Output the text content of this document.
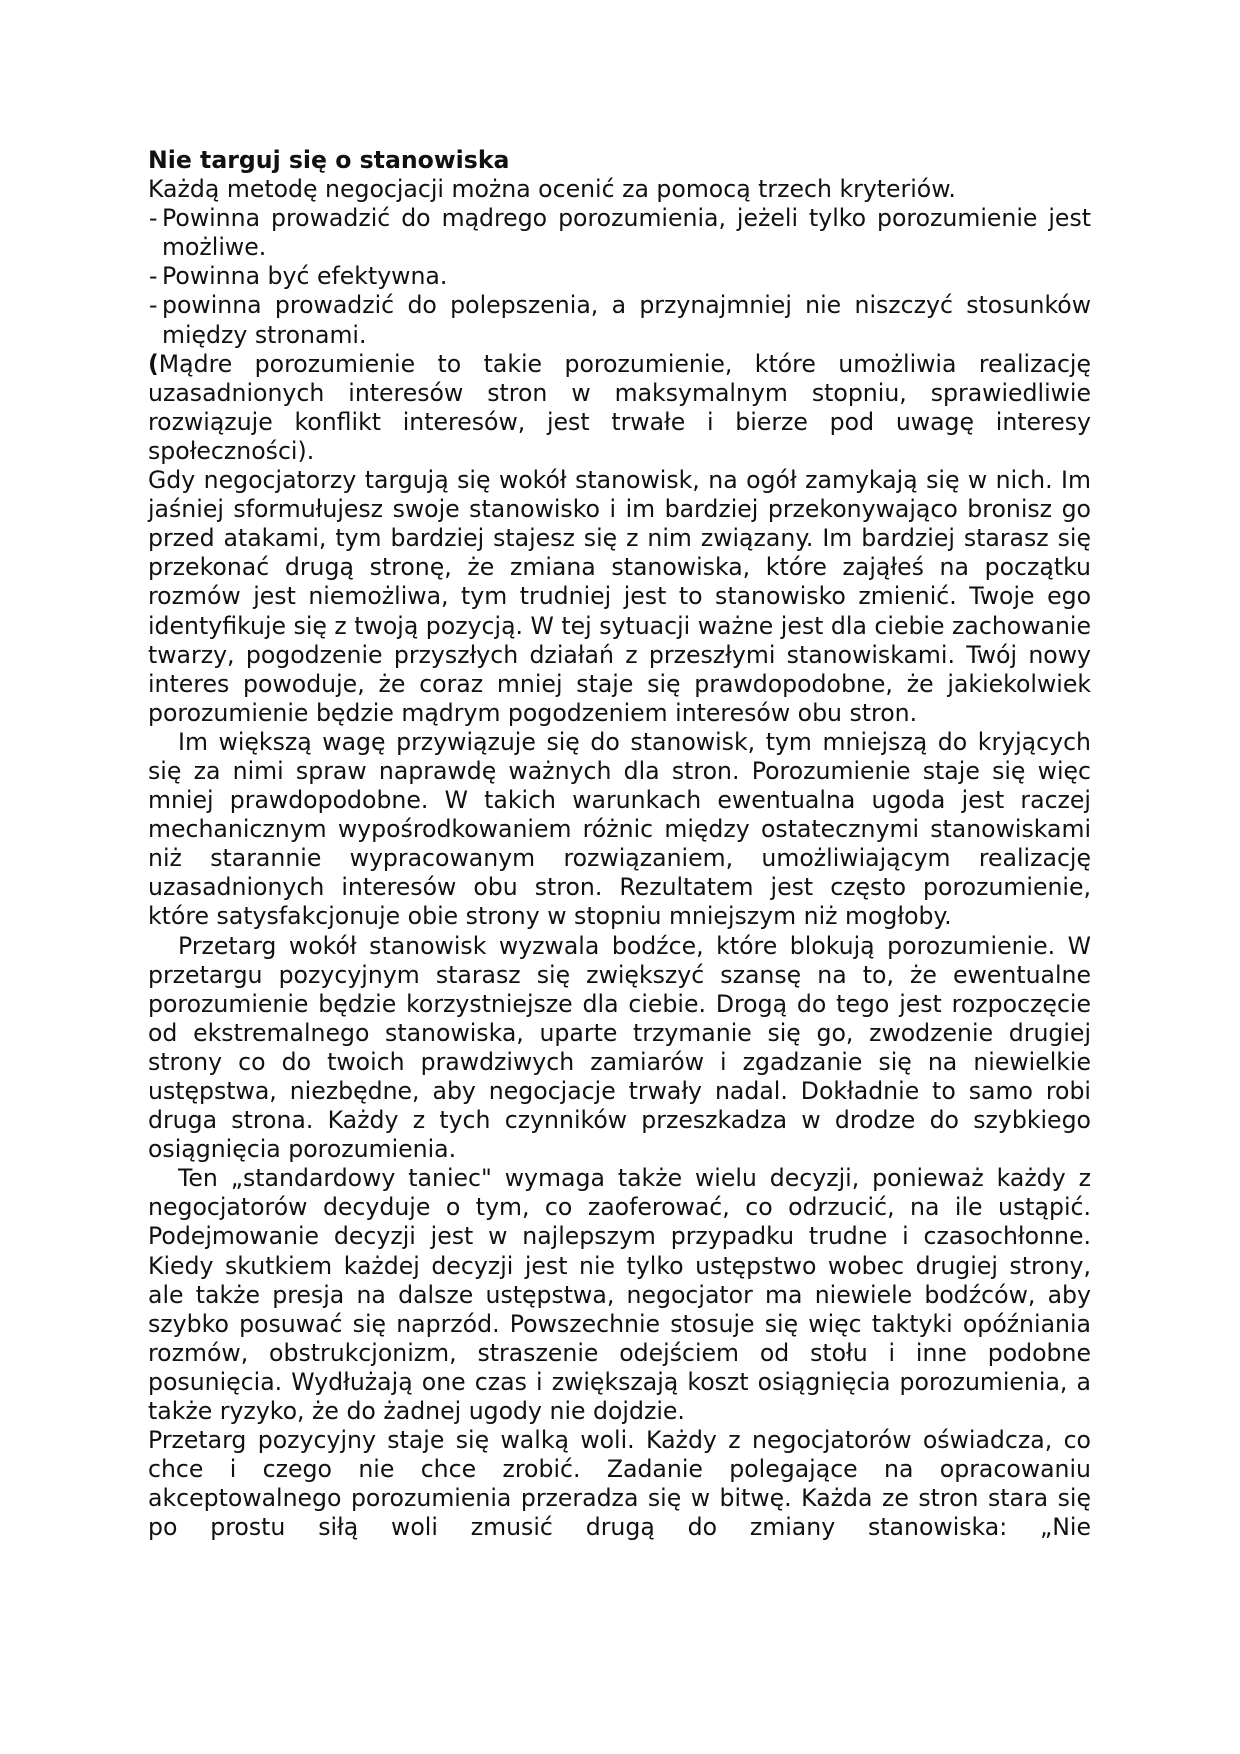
Nie targuj się o stanowiska

Każdą metodę negocjacji można ocenić za pomocą trzech kryteriów.

- Powinna prowadzić do mądrego porozumienia, jeżeli tylko porozumienie jest możliwe.
- Powinna być efektywna.
- powinna prowadzić do polepszenia, a przynajmniej nie niszczyć stosunków między stronami.

(Mądre porozumienie to takie porozumienie, które umożliwia realizację uzasadnionych interesów stron w maksymalnym stopniu, sprawiedliwie rozwiązuje konflikt interesów, jest trwałe i bierze pod uwagę interesy społeczności).

Gdy negocjatorzy targują się wokół stanowisk, na ogół zamykają się w nich. Im jaśniej sformułujesz swoje stanowisko i im bardziej przekonywająco bronisz go przed atakami, tym bardziej stajesz się z nim związany. Im bardziej starasz się przekonać drugą stronę, że zmiana stanowiska, które zająłeś na początku rozmów jest niemożliwa, tym trudniej jest to stanowisko zmienić. Twoje ego identyfikuje się z twoją pozycją. W tej sytuacji ważne jest dla ciebie zachowanie twarzy, pogodzenie przyszłych działań z przeszłymi stanowiskami. Twój nowy interes powoduje, że coraz mniej staje się prawdopodobne, że jakiekolwiek porozumienie będzie mądrym pogodzeniem interesów obu stron.

Im większą wagę przywiązuje się do stanowisk, tym mniejszą do kryjących się za nimi spraw naprawdę ważnych dla stron. Porozumienie staje się więc mniej prawdopodobne. W takich warunkach ewentualna ugoda jest raczej mechanicznym wypośrodkowaniem różnic między ostatecznymi stanowiskami niż starannie wypracowanym rozwiązaniem, umożliwiającym realizację uzasadnionych interesów obu stron. Rezultatem jest często porozumienie, które satysfakcjonuje obie strony w stopniu mniejszym niż mogłoby.

Przetarg wokół stanowisk wyzwala bodźce, które blokują porozumienie. W przetargu pozycyjnym starasz się zwiększyć szansę na to, że ewentualne porozumienie będzie korzystniejsze dla ciebie. Drogą do tego jest rozpoczęcie od ekstremalnego stanowiska, uparte trzymanie się go, zwodzenie drugiej strony co do twoich prawdziwych zamiarów i zgadzanie się na niewielkie ustępstwa, niezbędne, aby negocjacje trwały nadal. Dokładnie to samo robi druga strona. Każdy z tych czynników przeszkadza w drodze do szybkiego osiągnięcia porozumienia.

Ten „standardowy taniec" wymaga także wielu decyzji, ponieważ każdy z negocjatorów decyduje o tym, co zaoferować, co odrzucić, na ile ustąpić. Podejmowanie decyzji jest w najlepszym przypadku trudne i czasochłonne. Kiedy skutkiem każdej decyzji jest nie tylko ustępstwo wobec drugiej strony, ale także presja na dalsze ustępstwa, negocjator ma niewiele bodźców, aby szybko posuwać się naprzód. Powszechnie stosuje się więc taktyki opóźniania rozmów, obstrukcjonizm, straszenie odejściem od stołu i inne podobne posunięcia. Wydłużają one czas i zwiększają koszt osiągnięcia porozumienia, a także ryzyko, że do żadnej ugody nie dojdzie.

Przetarg pozycyjny staje się walką woli. Każdy z negocjatorów oświadcza, co chce i czego nie chce zrobić. Zadanie polegające na opracowaniu akceptowalnego porozumienia przeradza się w bitwę. Każda ze stron stara się po prostu siłą woli zmusić drugą do zmiany stanowiska: „Nie
